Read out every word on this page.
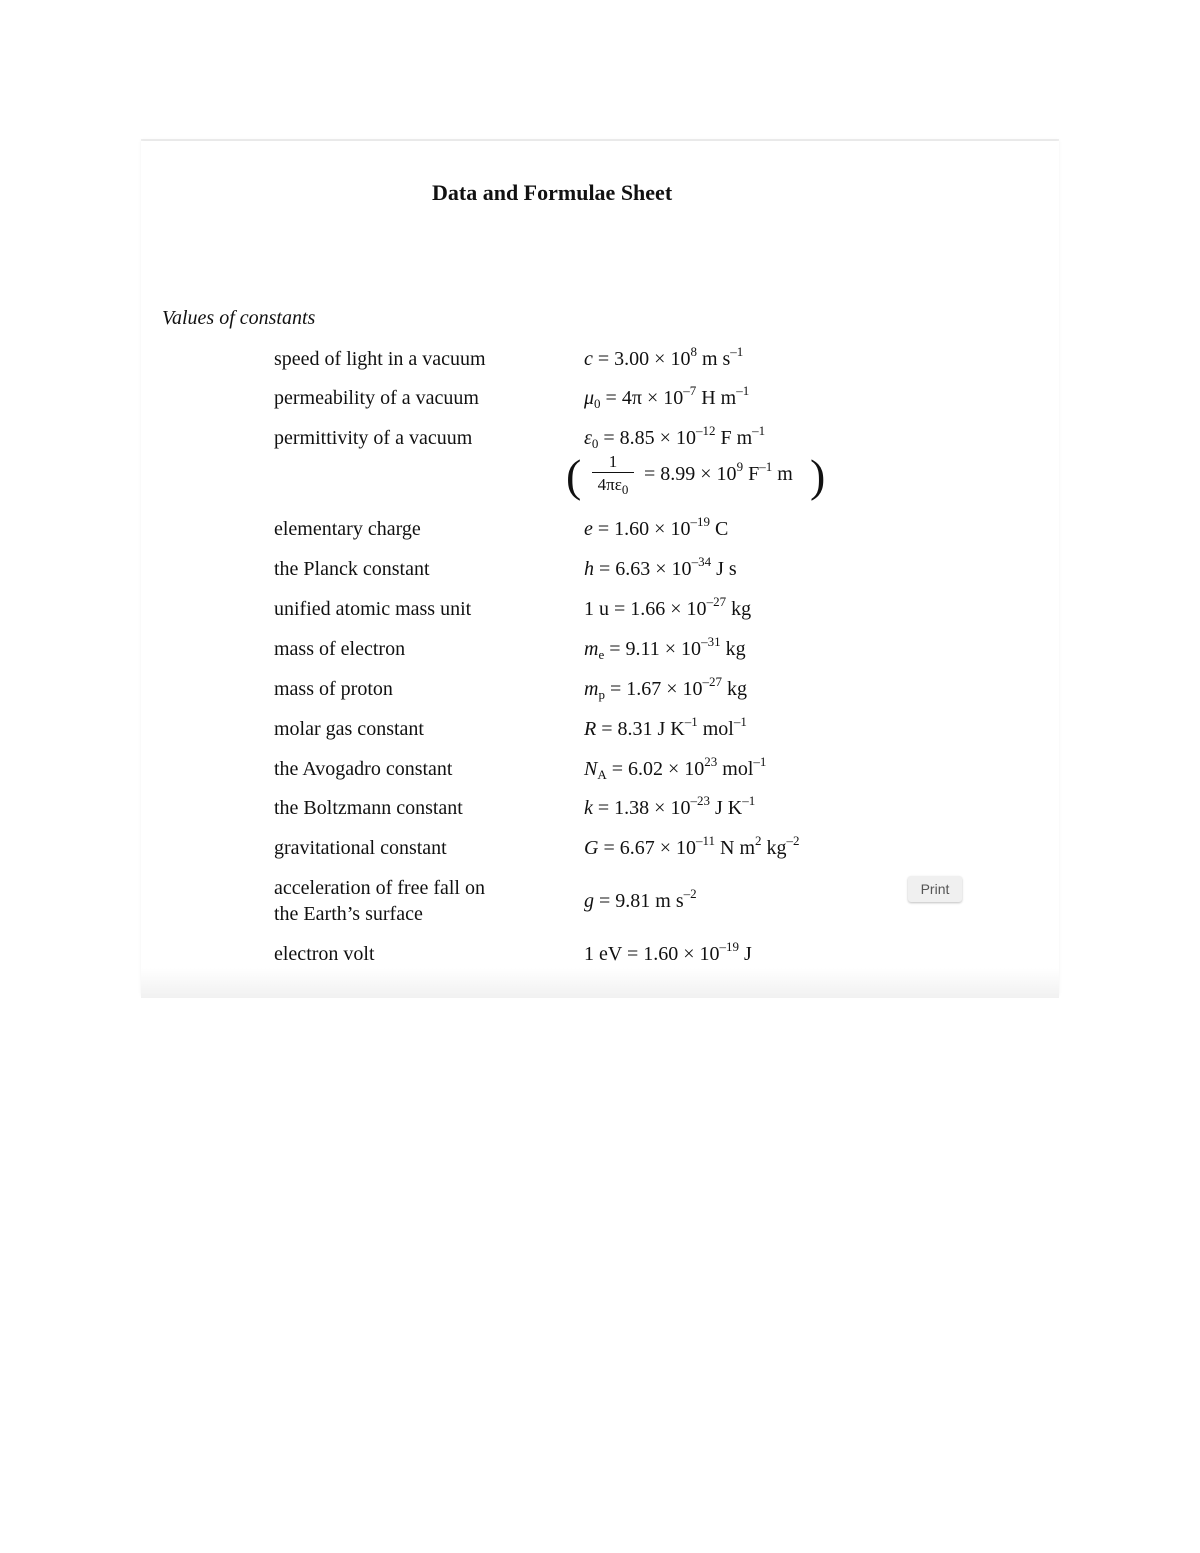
Data and Formulae Sheet
Values of constants
speed of light in a vacuum	$c = 3.00 \times 10^8$ m $s^{-1}$
permeability of a vacuum	$\mu_0 = 4\pi \times 10^{-7}$ H $m^{-1}$
permittivity of a vacuum	$\varepsilon_0 = 8.85 \times 10^{-12}$ F $m^{-1}$
(	1
$4\pi\varepsilon_0$
= $8.99 \times 10^9$ $F^{-1}$ m )
elementary charge	$e = 1.60 \times 10^{-19}$ C
the Planck constant	$h = 6.63 \times 10^{-34}$ J s
unified atomic mass unit	1 $u = 1.66 \times 10^{-27}$ kg
mass of electron	$m_e = 9.11 \times 10^{-31}$ kg
mass of proton	$m_p = 1.67 \times 10^{-27}$ kg
molar gas constant	R = 8.31 J $K^{-1}$ mol$^{-1}$
the Avogadro constant	$N_A = 6.02 \times 10^{23}$ mol$^{-1}$
the Boltzmann constant	$k = 1.38 \times 10^{-23}$ J $K^{-1}$
gravitational constant	$G = 6.67 \times 10^{-11}$ N $m^2$ $kg^{-2}$
acceleration of free fall on
the Earth’s surface
g = 9.81 m $s^{-2}$
electron volt	1 eV = $1.60 \times 10^{-19}$ J
Print
